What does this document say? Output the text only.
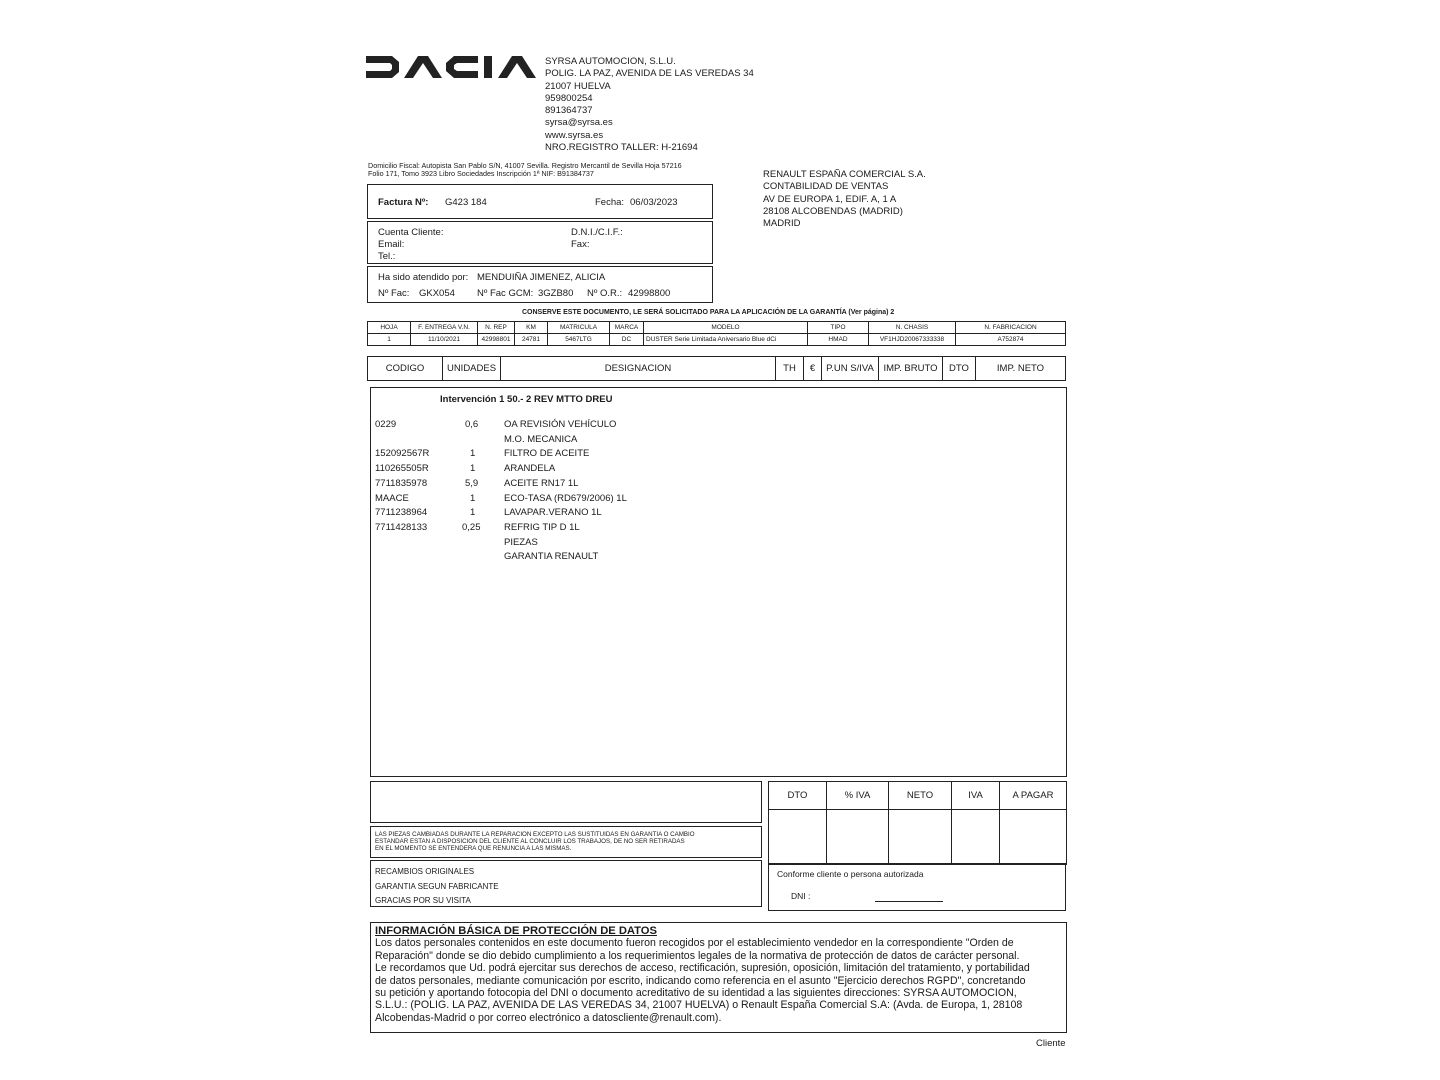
SYRSA AUTOMOCION, S.L.U.
POLIG. LA PAZ, AVENIDA DE LAS VEREDAS 34
21007 HUELVA
959800254
891364737
syrsa@syrsa.es
www.syrsa.es
NRO.REGISTRO TALLER: H-21694
Domicilio Fiscal: Autopista San Pablo S/N, 41007 Sevilla. Registro Mercantil de Sevilla Hoja 57216
Folio 171, Tomo 3923 Libro Sociedades Inscripción 1ª NIF: B91384737	RENAULT ESPAÑA COMERCIAL S.A.
CONTABILIDAD DE VENTAS
AV DE EUROPA 1, EDIF. A, 1 A
28108 ALCOBENDAS (MADRID)
MADRID
Factura Nº: G423 184	Fecha: 06/03/2023
Cuenta Cliente:
Email:
Tel.:
D.N.I./C.I.F.:
Fax:
Ha sido atendido por: MENDUIÑA JIMENEZ, ALICIA
Nº Fac: GKX054 Nº Fac GCM: 3GZB80 Nº O.R.: 42998800
CONSERVE ESTE DOCUMENTO, LE SERÁ SOLICITADO PARA LA APLICACIÓN DE LA GARANTÍA (Ver página) 2
HOJA	F. ENTREGA V.N.	N. REP	KM	MATRICULA	MARCA	MODELO	TIPO	N. CHASIS	N. FABRICACION
1	11/10/2021	42998801	24781	5467LTG	DC	DUSTER Serie Limitada Aniversario Blue dCi	HMAD	VF1HJD20067333338	A752874
CODIGO	UNIDADES	DESIGNACION	TH	€	P.UN S/IVA	IMP. BRUTO	DTO	IMP. NETO
Intervención 1 50.- 2 REV MTTO DREU
0229	0,6	OA REVISIÓN VEHÍCULO
M.O. MECANICA
152092567R	1	FILTRO DE ACEITE
110265505R	1	ARANDELA
7711835978	5,9	ACEITE RN17 1L
MAACE	1	ECO-TASA (RD679/2006) 1L
7711238964	1	LAVAPAR.VERANO 1L
7711428133	0,25 REFRIG TIP D 1L
PIEZAS
GARANTIA RENAULT
LAS PIEZAS CAMBIADAS DURANTE LA REPARACION EXCEPTO LAS SUSTITUIDAS EN GARANTIA O CAMBIO
ESTANDAR ESTAN A DISPOSICION DEL CLIENTE AL CONCLUIR LOS TRABAJOS, DE NO SER RETIRADAS
EN EL MOMENTO SE ENTENDERA QUE RENUNCIA A LAS MISMAS.
RECAMBIOS ORIGINALES
GARANTIA SEGUN FABRICANTE
GRACIAS POR SU VISITA
DTO	% IVA	NETO	IVA	A PAGAR

Conforme cliente o persona autorizada
DNI :
INFORMACIÓN BÁSICA DE PROTECCIÓN DE DATOS
Los datos personales contenidos en este documento fueron recogidos por el establecimiento vendedor en la correspondiente "Orden de
Reparación" donde se dio debido cumplimiento a los requerimientos legales de la normativa de protección de datos de carácter personal.
Le recordamos que Ud. podrá ejercitar sus derechos de acceso, rectificación, supresión, oposición, limitación del tratamiento, y portabilidad
de datos personales, mediante comunicación por escrito, indicando como referencia en el asunto "Ejercicio derechos RGPD", concretando
su petición y aportando fotocopia del DNI o documento acreditativo de su identidad a las siguientes direcciones: SYRSA AUTOMOCION,
S.L.U.: (POLIG. LA PAZ, AVENIDA DE LAS VEREDAS 34, 21007 HUELVA) o Renault España Comercial S.A: (Avda. de Europa, 1, 28108
Alcobendas-Madrid o por correo electrónico a datoscliente@renault.com).
Cliente
